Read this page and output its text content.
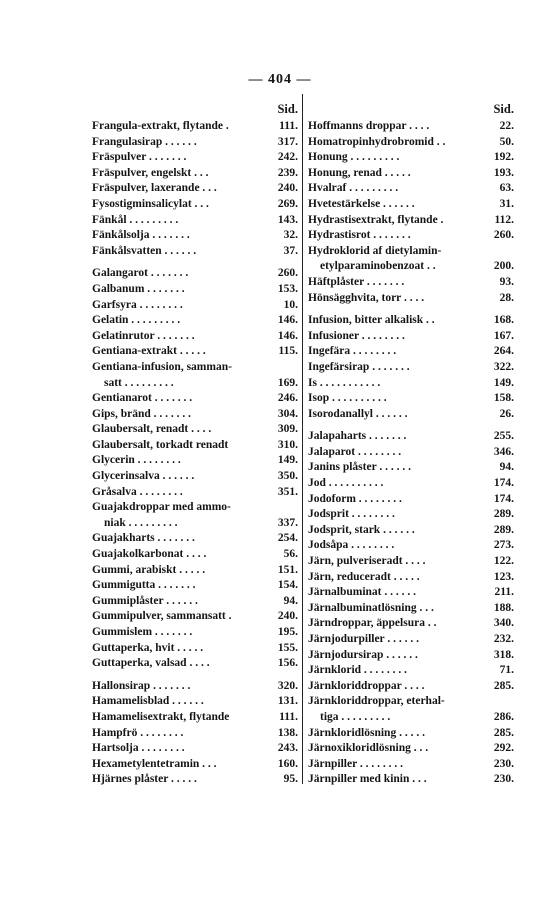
— 404 —
Sid.
Frangula-extrakt, flytande .	111.
Frangulasirap . . . . . .	317.
Fräspulver . . . . . . .	242.
Fräspulver, engelskt . . .	239.
Fräspulver, laxerande . . .	240.
Fysostigminsalicylat . . .	269.
Fänkål . . . . . . . . .	143.
Fänkålsolja . . . . . . .	32.
Fänkålsvatten . . . . . .	37.
Galangarot . . . . . . .	260.
Galbanum . . . . . . .	153.
Garfsyra . . . . . . . .	10.
Gelatin . . . . . . . . .	146.
Gelatinrutor . . . . . . .	146.
Gentiana-extrakt . . . . .	115.
Gentiana-infusion, samman-
satt . . . . . . . . .	169.
Gentianarot . . . . . . .	246.
Gips, bränd . . . . . . .	304.
Glaubersalt, renadt . . . .	309.
Glaubersalt, torkadt renadt	310.
Glycerin . . . . . . . .	149.
Glycerinsalva . . . . . .	350.
Gråsalva . . . . . . . .	351.
Guajakdroppar med ammo-
niak . . . . . . . . .	337.
Guajakharts . . . . . . .	254.
Guajakolkarbonat . . . .	56.
Gummi, arabiskt . . . . .	151.
Gummigutta . . . . . . .	154.
Gummiplåster . . . . . .	94.
Gummipulver, sammansatt .	240.
Gummislem . . . . . . .	195.
Guttaperka, hvit . . . . .	155.
Guttaperka, valsad . . . .	156.
Hallonsirap . . . . . . .	320.
Hamamelisblad . . . . . .	131.
Hamamelisextrakt, flytande	111.
Hampfrö . . . . . . . .	138.
Hartsolja . . . . . . . .	243.
Hexametylentetramin . . .	160.
Hjärnes plåster . . . . .	95.
Sid.
Hoffmanns droppar . . . .	22.
Homatropinhydrobromid . .	50.
Honung . . . . . . . . .	192.
Honung, renad . . . . .	193.
Hvalraf . . . . . . . . .	63.
Hvetestärkelse . . . . . .	31.
Hydrastisextrakt, flytande .	112.
Hydrastisrot . . . . . . .	260.
Hydroklorid af dietylamin-
etylparaminobenzoat . .	200.
Häftplåster . . . . . . .	93.
Hönsägghvita, torr . . . .	28.
Infusion, bitter alkalisk . .	168.
Infusioner . . . . . . . .	167.
Ingefära . . . . . . . .	264.
Ingefärsirap . . . . . . .	322.
Is . . . . . . . . . . .	149.
Isop . . . . . . . . . .	158.
Isorodanallyl . . . . . .	26.
Jalapaharts . . . . . . .	255.
Jalaparot . . . . . . . .	346.
Janins plåster . . . . . .	94.
Jod . . . . . . . . . .	174.
Jodoform . . . . . . . .	174.
Jodsprit . . . . . . . .	289.
Jodsprit, stark . . . . . .	289.
Jodsåpa . . . . . . . .	273.
Järn, pulveriseradt . . . .	122.
Järn, reduceradt . . . . .	123.
Järnalbuminat . . . . . .	211.
Järnalbuminatlösning . . .	188.
Järndroppar, äppelsura . .	340.
Järnjodurpiller . . . . . .	232.
Järnjodursirap . . . . . .	318.
Järnklorid . . . . . . . .	71.
Järnkloriddroppar . . . .	285.
Järnkloriddroppar, eterhal-
tiga . . . . . . . . .	286.
Järnkloridlösning . . . . .	285.
Järnoxikloridlösning . . .	292.
Järnpiller . . . . . . . .	230.
Järnpiller med kinin . . .	230.
